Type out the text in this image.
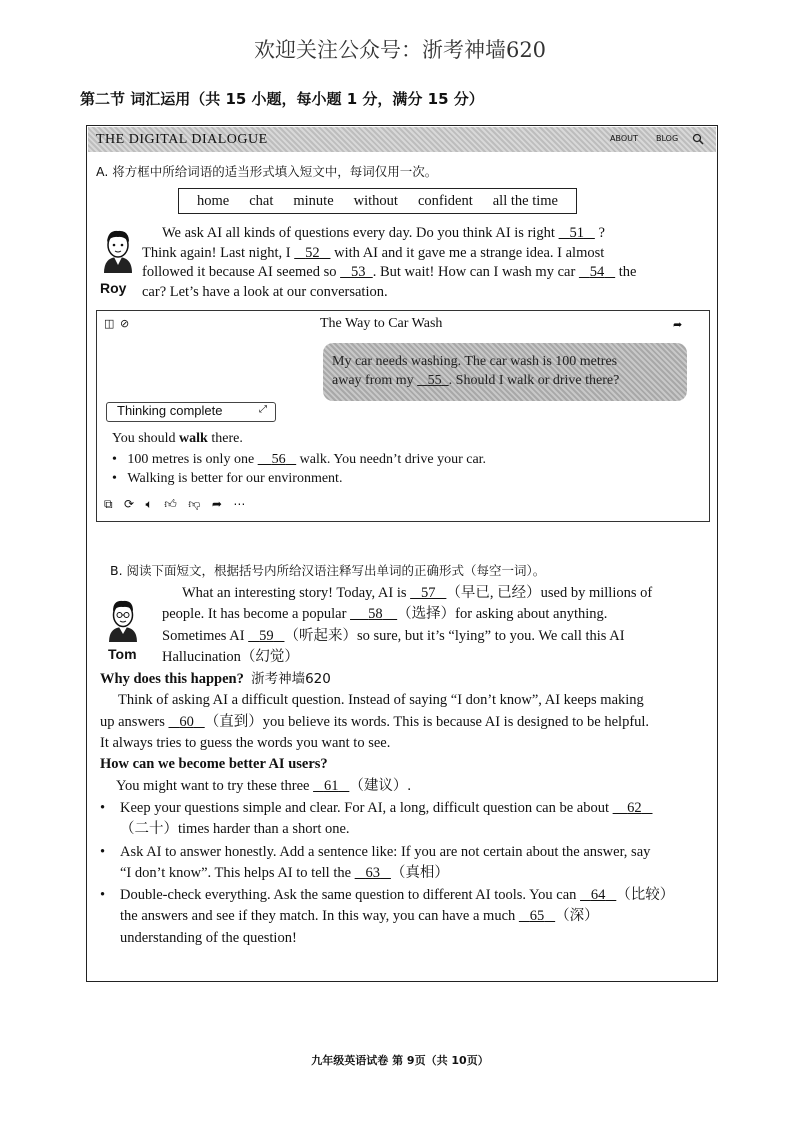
欢迎关注公众号：浙考神墙620
第二节 词汇运用（共 15 小题，每小题 1 分，满分 15 分）
THE DIGITAL DIALOGUE	ABOUT BLOG
A. 将方框中所给词语的适当形式填入短文中，每词仅用一次。
home chat minute without confident all the time
Roy
We ask AI all kinds of questions every day. Do you think AI is right    51    ?
Think again! Last night, I    52    with AI and it gave me a strange idea. I almost
followed it because AI seemed so    53 . But wait! How can I wash my car    54    the
car? Let’s have a look at our conversation.
◫ ⊘	The Way to Car Wash	➦
My car needs washing. The car wash is 100 metres
away from my    55 . Should I walk or drive there?
Thinking complete	⤢
You should walk there.
•   100 metres is only one     56    walk. You needn’t drive your car.
•   Walking is better for our environment.
⧉ ⟳ 🔈︎ 👍︎ 👎︎ ➦ ⋯
B. 阅读下面短文，根据括号内所给汉语注释写出单词的正确形式（每空一词）。
Tom
What an interesting story! Today, AI is    57 （早已, 已经）used by millions of
people. It has become a popular      58 （选择）for asking about anything.
Sometimes AI    59 （听起来）so sure, but it’s “lying” to you. We call this AI
Hallucination（幻觉）
Why does this happen? 浙考神墙620
Think of asking AI a difficult question. Instead of saying “I don’t know”, AI keeps making
up answers    60 （直到）you believe its words. This is because AI is designed to be helpful.
It always tries to guess the words you want to see.
How can we become better AI users?
You might want to try these three    61 （建议）.
• Keep your questions simple and clear. For AI, a long, difficult question can be about     62
（二十）times harder than a short one.
• Ask AI to answer honestly. Add a sentence like: If you are not certain about the answer, say
“I don’t know”. This helps AI to tell the    63 （真相）
• Double-check everything. Ask the same question to different AI tools. You can    64 （比较）
the answers and see if they match. In this way, you can have a much    65 （深）
understanding of the question!
九年级英语试卷 第 9页（共 10页）
